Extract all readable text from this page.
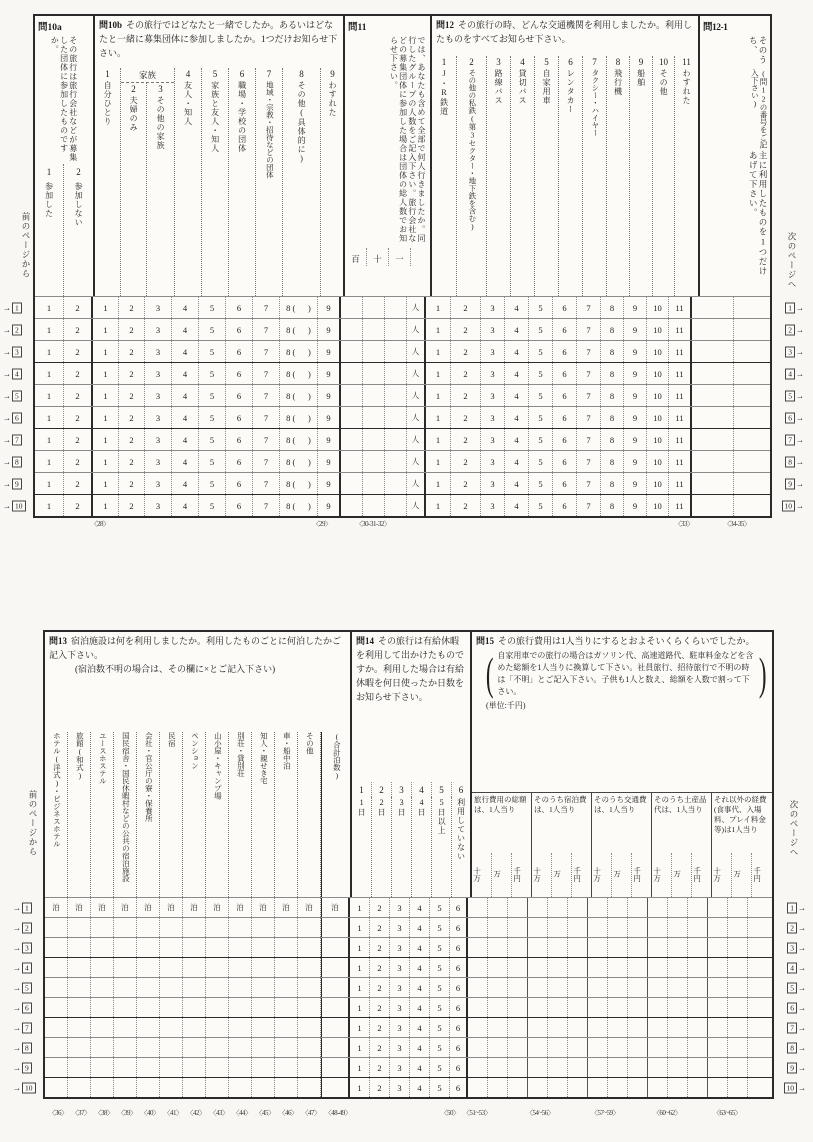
前のページから	次のページへ
前のページから	次のページへ
問10a
その旅行は旅行会社などが募集した団体に参加したものですか。
1
参加した
2
参加しない
問10b その旅行ではどなたと一緒でしたか。あるいはどなたと一緒に募集団体に参加しましたか。1つだけお知らせ下さい。
1
自分ひとり
家族
2
夫婦のみ
3
その他の家族
4
友人・知人
5
家族と友人・知人
6
職場・学校の団体
7
地域・宗教・招待などの団体
8
その他(具体的に)
9
わすれた
問11
では、あなたも含めて全部で何人行きましたか。同行したグループの人数をご記入下さい。旅行会社などの募集団体に参加した場合は団体の総人数でお知らせ下さい。
百	十	一
問12 その旅行の時、どんな交通機関を利用しましたか。利用したものをすべてお知らせ下さい。
1
J・R鉄道
2
その他の私鉄(第3セクター・地下鉄を含む)
3
路線バス
4
貸切バス
5
自家用車
6
レンタカー
7
タクシー・ハイヤー
8
飛行機
9
船舶
10
その他
11
わすれた
問12-1
そのうち、
(問12の番号をご記入下さい)
主に利用したものを1つだけあげて下さい。
→ 1	1	2	1	2	3	4	5	6	7	8 (      )	9	人	1	2	3	4	5	6	7	8	9	10	11	1 →
→ 2	1	2	1	2	3	4	5	6	7	8 (      )	9	人	1	2	3	4	5	6	7	8	9	10	11	2 →
→ 3	1	2	1	2	3	4	5	6	7	8 (      )	9	人	1	2	3	4	5	6	7	8	9	10	11	3 →
→ 4	1	2	1	2	3	4	5	6	7	8 (      )	9	人	1	2	3	4	5	6	7	8	9	10	11	4 →
→ 5	1	2	1	2	3	4	5	6	7	8 (      )	9	人	1	2	3	4	5	6	7	8	9	10	11	5 →
→ 6	1	2	1	2	3	4	5	6	7	8 (      )	9	人	1	2	3	4	5	6	7	8	9	10	11	6 →
→ 7	1	2	1	2	3	4	5	6	7	8 (      )	9	人	1	2	3	4	5	6	7	8	9	10	11	7 →
→ 8	1	2	1	2	3	4	5	6	7	8 (      )	9	人	1	2	3	4	5	6	7	8	9	10	11	8 →
→ 9	1	2	1	2	3	4	5	6	7	8 (      )	9	人	1	2	3	4	5	6	7	8	9	10	11	9 →
→ 10	1	2	1	2	3	4	5	6	7	8 (      )	9	人	1	2	3	4	5	6	7	8	9	10	11	10 →
問13 宿泊施設は何を利用しましたか。利用したものごとに何泊したかご記入下さい。
(宿泊数不明の場合は、その欄に×とご記入下さい)
ホテル(洋式)・ビジネスホテル 旅館(和式) ユースホステル 国民宿舎・国民休暇村などの公共の宿泊施設 会社・官公庁の寮・保養所 民宿 ペンション 山小屋・キャンプ場 別荘・貸別荘 知人・親せき宅 車・船中泊 その他 (合計泊数)
問14 その旅行は有給休暇を利用して出かけたものですか。利用した場合は有給休暇を何日使ったか日数をお知らせ下さい。
1	2	3	4	5	6
1日 2日 3日 4日 5日以上 利用していない
問15 その旅行費用は1人当りにするとおよそいくらくらいでしたか。
( 自家用車での旅行の場合はガソリン代、高速道路代、駐車料金などを含めた総額を1人当りに換算して下さい。社員旅行、招待旅行で不明の時は「不明」とご記入下さい。子供も1人と数え、総額を人数で割って下さい。	)
(単位:千円)
旅行費用の総額は、1人当り
十万	万	千円
そのうち宿泊費は、1人当り
十万	万	千円
そのうち交通費は、1人当り
十万	万	千円
そのうち土産品代は、1人当り
十万	万	千円
それ以外の経費(食事代、入場料、プレイ料金等)は1人当り
十万	万	千円
→ 1	泊	泊	泊	泊	泊	泊	泊	泊	泊	泊	泊	泊	泊	1	2	3	4	5	6	1 →
→ 2	1	2	3	4	5	6	2 →
→ 3	1	2	3	4	5	6	3 →
→ 4	1	2	3	4	5	6	4 →
→ 5	1	2	3	4	5	6	5 →
→ 6	1	2	3	4	5	6	6 →
→ 7	1	2	3	4	5	6	7 →
→ 8	1	2	3	4	5	6	8 →
→ 9	1	2	3	4	5	6	9 →
→ 10	1	2	3	4	5	6	10 →
〈28〉	〈29〉	〈30-31-32〉	〈33〉	〈34-35〉
〈36〉 〈37〉 〈38〉 〈39〉 〈40〉 〈41〉 〈42〉 〈43〉 〈44〉 〈45〉 〈46〉 〈47〉 〈48-49〉	〈50〉 〈51~53〉	〈54~56〉	〈57~59〉	〈60~62〉	〈63~65〉
